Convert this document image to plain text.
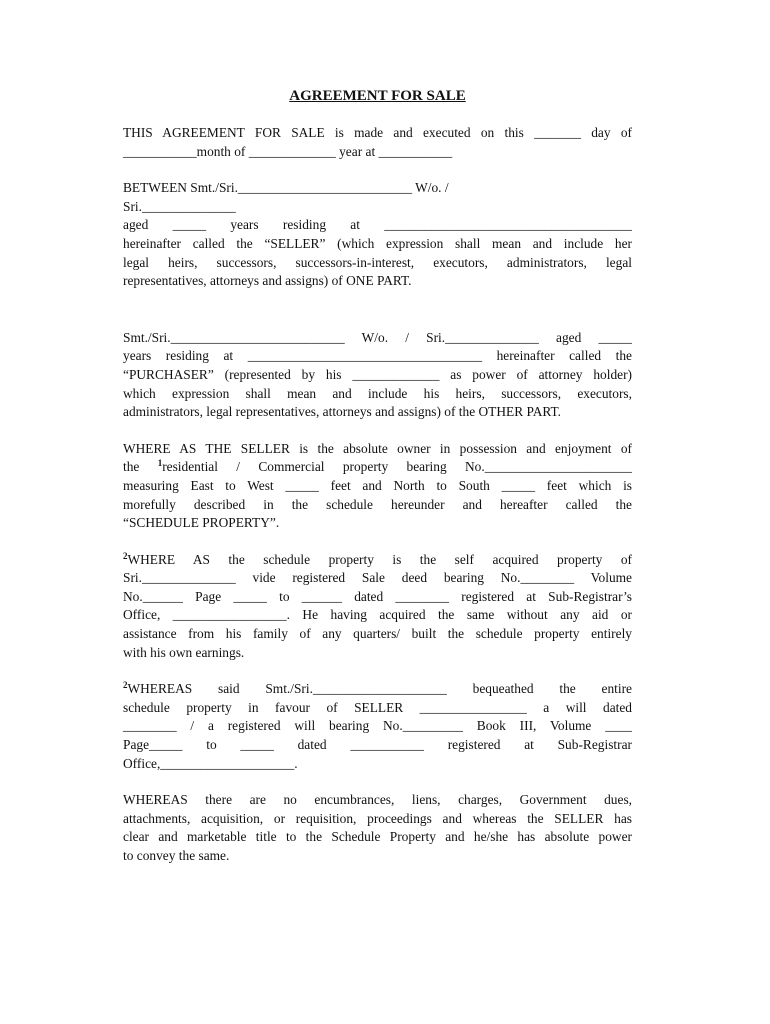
AGREEMENT FOR SALE
THIS AGREEMENT FOR SALE is made and executed on this _______ day of
___________month of _____________ year at ___________
BETWEEN Smt./Sri.__________________________ W/o. /
Sri.______________
aged _____ years residing at _____________________________________
hereinafter called the “SELLER” (which expression shall mean and include her
legal heirs, successors, successors-in-interest, executors, administrators, legal
representatives, attorneys and assigns) of ONE PART.
Smt./Sri.__________________________ W/o. / Sri.______________ aged _____
years residing at ___________________________________ hereinafter called the
“PURCHASER” (represented by his _____________ as power of attorney holder)
which expression shall mean and include his heirs, successors, executors,
administrators, legal representatives, attorneys and assigns) of the OTHER PART.
WHERE AS THE SELLER is the absolute owner in possession and enjoyment of
the $^1$residential / Commercial property bearing No.______________________
measuring East to West _____ feet and North to South _____ feet which is
morefully described in the schedule hereunder and hereafter called the
“SCHEDULE PROPERTY”.
$^2$WHERE AS the schedule property is the self acquired property of
Sri.______________ vide registered Sale deed bearing No.________ Volume
No.______ Page _____ to ______ dated ________ registered at Sub-Registrar’s
Office, _________________. He having acquired the same without any aid or
assistance from his family of any quarters/ built the schedule property entirely
with his own earnings.
$^2$WHEREAS said Smt./Sri.____________________ bequeathed the entire
schedule property in favour of SELLER ________________ a will dated
________ / a registered will bearing No._________ Book III, Volume ____
Page_____ to _____ dated ___________ registered at Sub-Registrar
Office,____________________.
WHEREAS there are no encumbrances, liens, charges, Government dues,
attachments, acquisition, or requisition, proceedings and whereas the SELLER has
clear and marketable title to the Schedule Property and he/she has absolute power
to convey the same.
